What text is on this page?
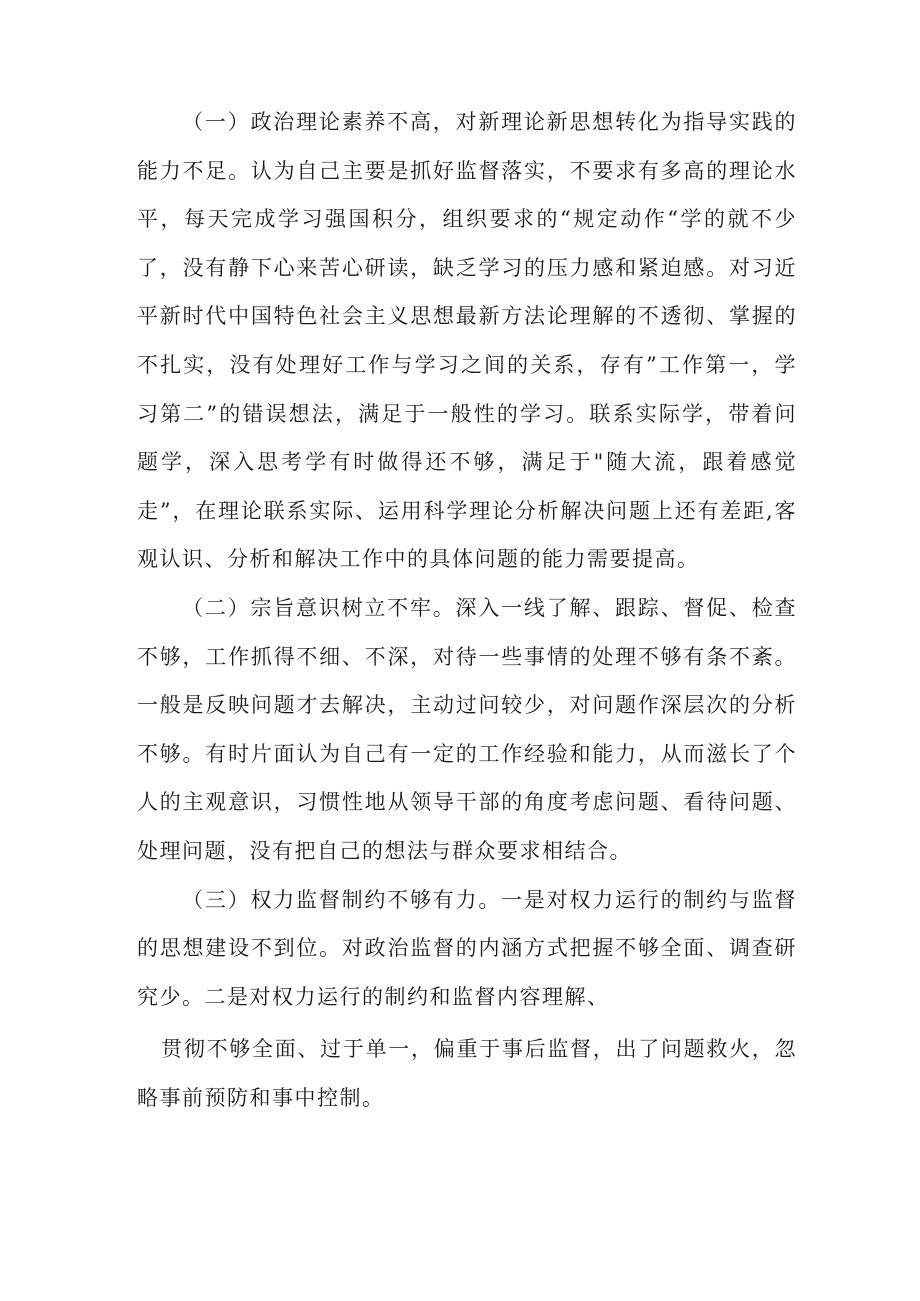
（一）政治理论素养不高，对新理论新思想转化为指导实践的能力不足。认为自己主要是抓好监督落实，不要求有多高的理论水平，每天完成学习强国积分，组织要求的“规定动作“学的就不少了，没有静下心来苦心研读，缺乏学习的压力感和紧迫感。对习近平新时代中国特色社会主义思想最新方法论理解的不透彻、掌握的不扎实，没有处理好工作与学习之间的关系，存有”工作第一，学习第二”的错误想法，满足于一般性的学习。联系实际学，带着问题学，深入思考学有时做得还不够，满足于"随大流，跟着感觉走”，在理论联系实际、运用科学理论分析解决问题上还有差距,客观认识、分析和解决工作中的具体问题的能力需要提高。

（二）宗旨意识树立不牢。深入一线了解、跟踪、督促、检查不够，工作抓得不细、不深，对待一些事情的处理不够有条不紊。一般是反映问题才去解决，主动过问较少，对问题作深层次的分析不够。有时片面认为自己有一定的工作经验和能力，从而滋长了个人的主观意识，习惯性地从领导干部的角度考虑问题、看待问题、处理问题，没有把自己的想法与群众要求相结合。

（三）权力监督制约不够有力。一是对权力运行的制约与监督的思想建设不到位。对政治监督的内涵方式把握不够全面、调查研究少。二是对权力运行的制约和监督内容理解、

贯彻不够全面、过于单一，偏重于事后监督，出了问题救火，忽略事前预防和事中控制。
